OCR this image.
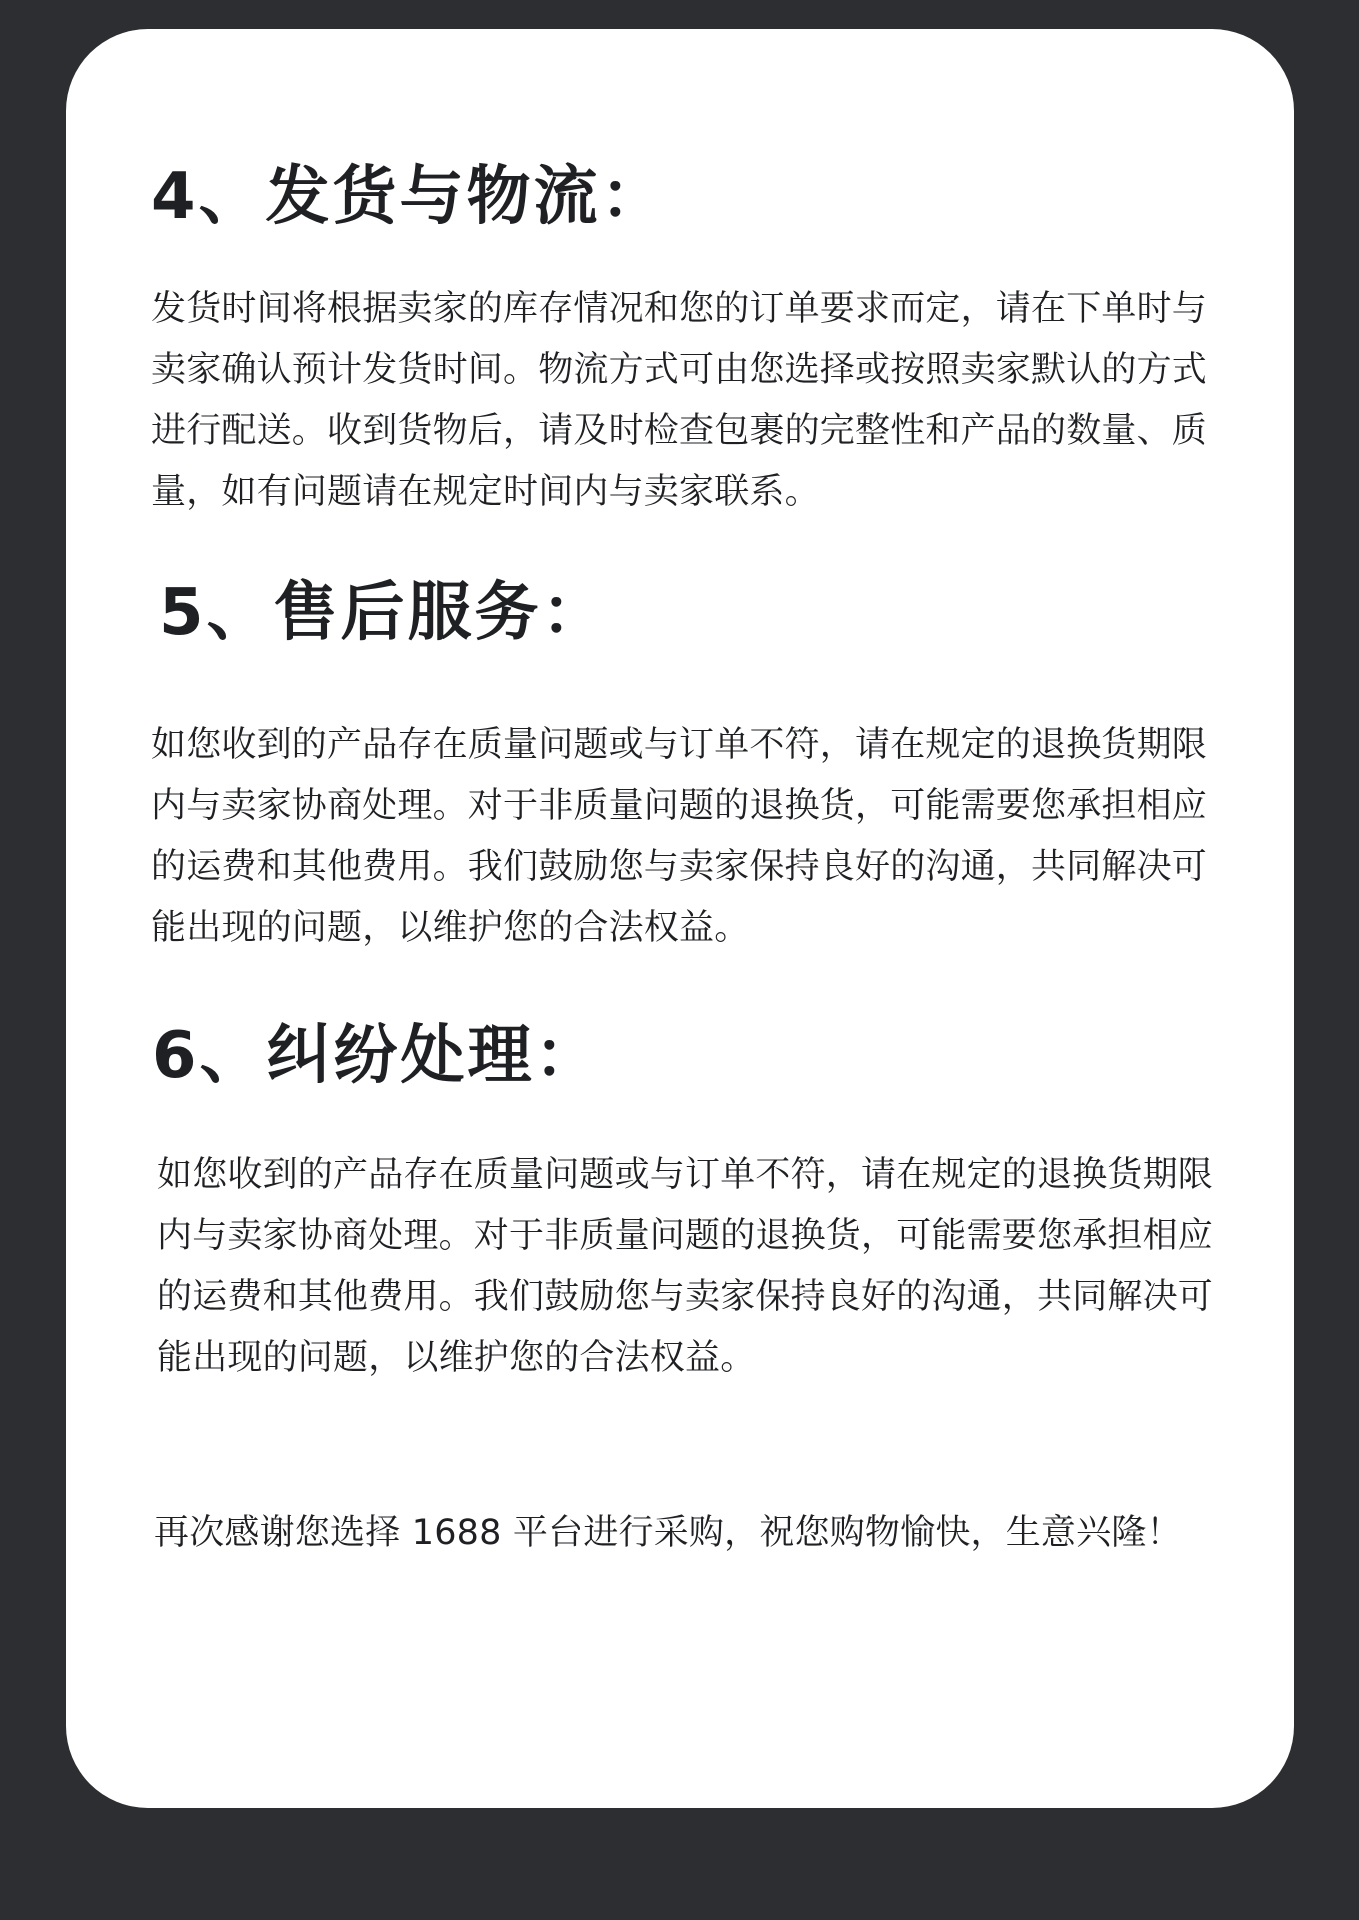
4、发货与物流：

发货时间将根据卖家的库存情况和您的订单要求而定，请在下单时与卖家确认预计发货时间。物流方式可由您选择或按照卖家默认的方式进行配送。收到货物后，请及时检查包裹的完整性和产品的数量、质量，如有问题请在规定时间内与卖家联系。

5、售后服务：

如您收到的产品存在质量问题或与订单不符，请在规定的退换货期限内与卖家协商处理。对于非质量问题的退换货，可能需要您承担相应的运费和其他费用。我们鼓励您与卖家保持良好的沟通，共同解决可能出现的问题，以维护您的合法权益。

6、纠纷处理：

如您收到的产品存在质量问题或与订单不符，请在规定的退换货期限内与卖家协商处理。对于非质量问题的退换货，可能需要您承担相应的运费和其他费用。我们鼓励您与卖家保持良好的沟通，共同解决可能出现的问题，以维护您的合法权益。

再次感谢您选择 1688 平台进行采购，祝您购物愉快，生意兴隆！
